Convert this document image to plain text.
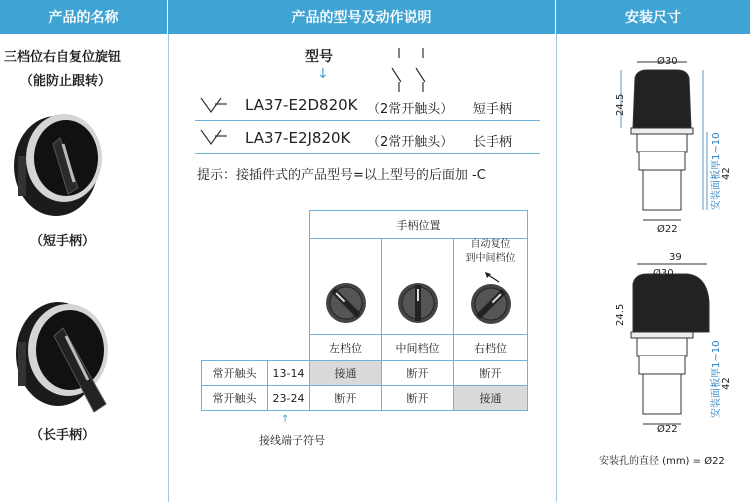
产品的名称	产品的型号及动作说明	安装尺寸
三档位右自复位旋钮
（能防止跟转）
（短手柄）
（长手柄）
型号
↓
LA37-E2D820K （2常开触头） 短手柄
LA37-E2J820K （2常开触头） 长手柄
提示：接插件式的产品型号=以上型号的后面加 -C
		手柄位置		

自动复位
到中间档位

		左档位	中间档位	右档位
常开触头	13-14	接通	断开	断开
常开触头	23-24	断开	断开	接通
↑
接线端子符号
Ø30
24.5
安装面板厚1~10 42
Ø22
39
Ø30
24.5
安装面板厚1~10 42
Ø22
安装孔的直径 (mm) = Ø22
